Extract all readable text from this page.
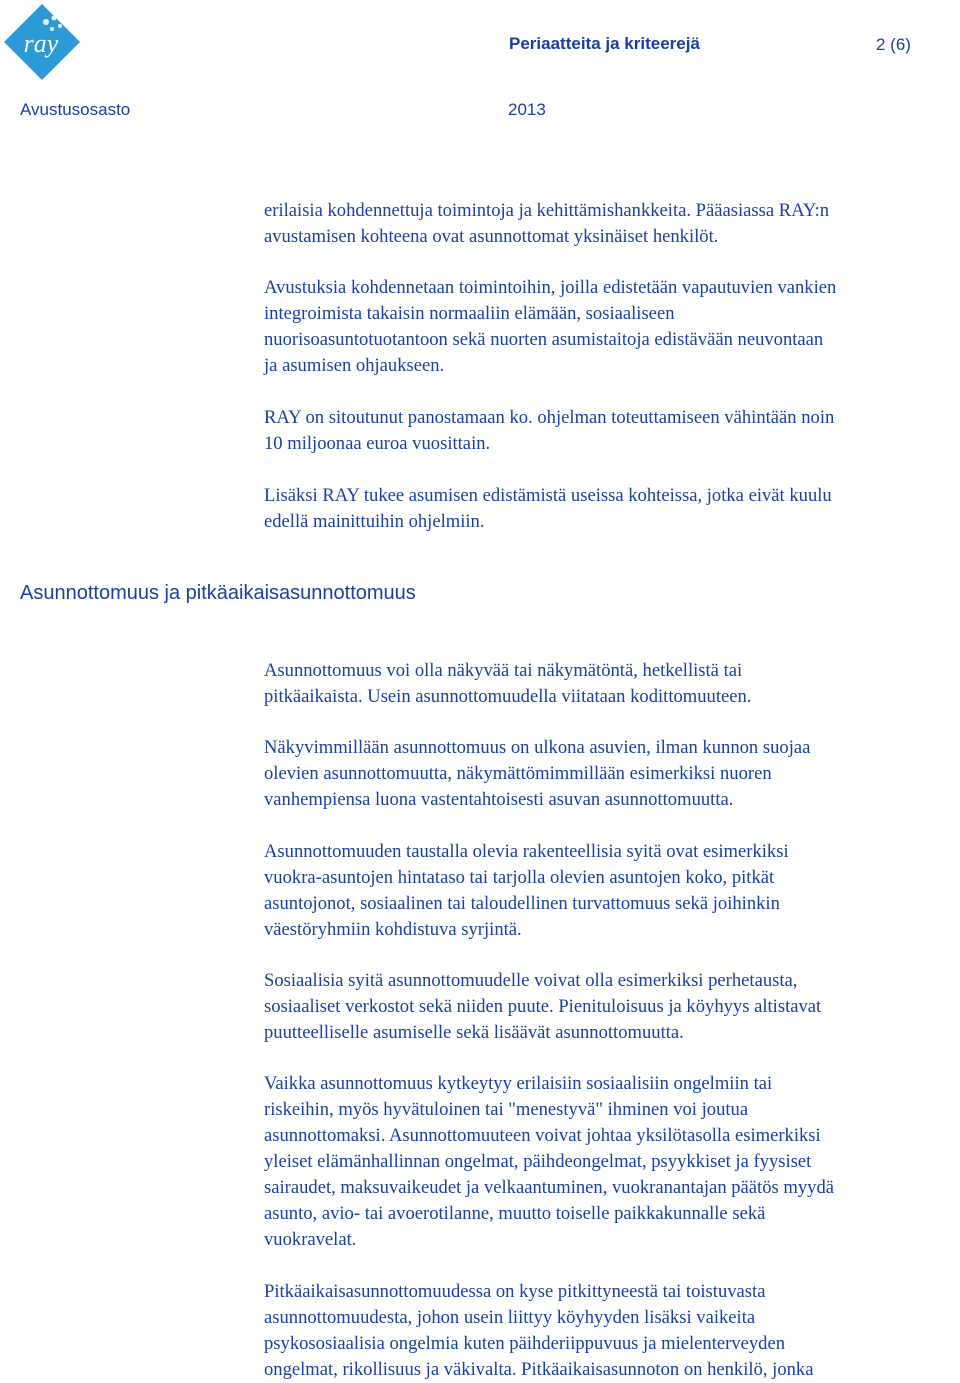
ray	Periaatteita ja kriteerejä	2 (6)
Avustusosasto	2013

erilaisia kohdennettuja toimintoja ja kehittämishankkeita. Pääasiassa RAY:n
avustamisen kohteena ovat asunnottomat yksinäiset henkilöt.

Avustuksia kohdennetaan toimintoihin, joilla edistetään vapautuvien vankien
integroimista takaisin normaaliin elämään, sosiaaliseen
nuorisoasuntotuotantoon sekä nuorten asumistaitoja edistävään neuvontaan
ja asumisen ohjaukseen.

RAY on sitoutunut panostamaan ko. ohjelman toteuttamiseen vähintään noin
10 miljoonaa euroa vuosittain.

Lisäksi RAY tukee asumisen edistämistä useissa kohteissa, jotka eivät kuulu
edellä mainittuihin ohjelmiin.

Asunnottomuus ja pitkäaikaisasunnottomuus

Asunnottomuus voi olla näkyvää tai näkymätöntä, hetkellistä tai
pitkäaikaista. Usein asunnottomuudella viitataan kodittomuuteen.

Näkyvimmillään asunnottomuus on ulkona asuvien, ilman kunnon suojaa
olevien asunnottomuutta, näkymättömimmillään esimerkiksi nuoren
vanhempiensa luona vastentahtoisesti asuvan asunnottomuutta.

Asunnottomuuden taustalla olevia rakenteellisia syitä ovat esimerkiksi
vuokra-asuntojen hintataso tai tarjolla olevien asuntojen koko, pitkät
asuntojonot, sosiaalinen tai taloudellinen turvattomuus sekä joihinkin
väestöryhmiin kohdistuva syrjintä.

Sosiaalisia syitä asunnottomuudelle voivat olla esimerkiksi perhetausta,
sosiaaliset verkostot sekä niiden puute. Pienituloisuus ja köyhyys altistavat
puutteelliselle asumiselle sekä lisäävät asunnottomuutta.

Vaikka asunnottomuus kytkeytyy erilaisiin sosiaalisiin ongelmiin tai
riskeihin, myös hyvätuloinen tai "menestyvä" ihminen voi joutua
asunnottomaksi. Asunnottomuuteen voivat johtaa yksilötasolla esimerkiksi
yleiset elämänhallinnan ongelmat, päihdeongelmat, psyykkiset ja fyysiset
sairaudet, maksuvaikeudet ja velkaantuminen, vuokranantajan päätös myydä
asunto, avio- tai avoerotilanne, muutto toiselle paikkakunnalle sekä
vuokravelat.

Pitkäaikaisasunnottomuudessa on kyse pitkittyneestä tai toistuvasta
asunnottomuudesta, johon usein liittyy köyhyyden lisäksi vaikeita
psykososiaalisia ongelmia kuten päihderiippuvuus ja mielenterveyden
ongelmat, rikollisuus ja väkivalta. Pitkäaikaisasunnoton on henkilö, jonka
